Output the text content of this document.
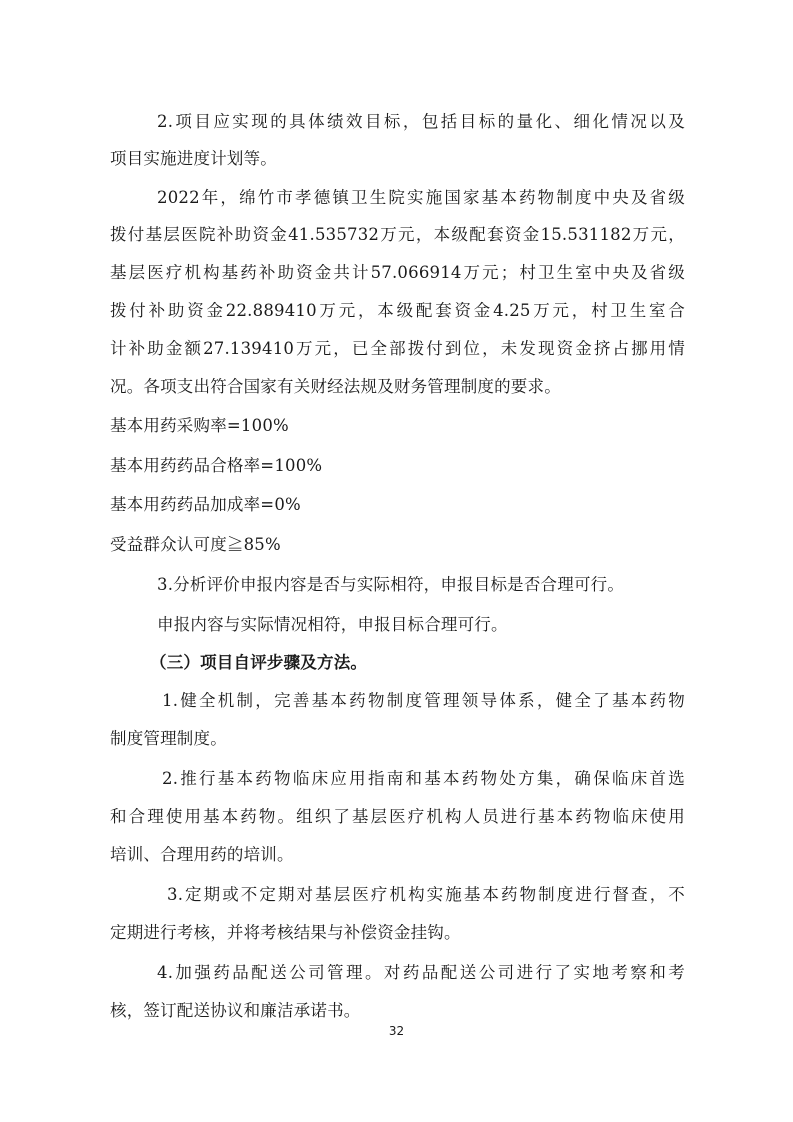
2.项目应实现的具体绩效目标，包括目标的量化、细化情况以及
项目实施进度计划等。
2022年，绵竹市孝德镇卫生院实施国家基本药物制度中央及省级
拨付基层医院补助资金41.535732万元，本级配套资金15.531182万元，
基层医疗机构基药补助资金共计57.066914万元；村卫生室中央及省级
拨付补助资金22.889410万元，本级配套资金4.25万元，村卫生室合
计补助金额27.139410万元，已全部拨付到位，未发现资金挤占挪用情
况。各项支出符合国家有关财经法规及财务管理制度的要求。
基本用药采购率=100%
基本用药药品合格率=100%
基本用药药品加成率=0%
受益群众认可度≧85%
3.分析评价申报内容是否与实际相符，申报目标是否合理可行。
申报内容与实际情况相符，申报目标合理可行。
（三）项目自评步骤及方法。
1.健全机制，完善基本药物制度管理领导体系，健全了基本药物
制度管理制度。
2.推行基本药物临床应用指南和基本药物处方集，确保临床首选
和合理使用基本药物。组织了基层医疗机构人员进行基本药物临床使用
培训、合理用药的培训。
3.定期或不定期对基层医疗机构实施基本药物制度进行督查，不
定期进行考核，并将考核结果与补偿资金挂钩。
4.加强药品配送公司管理。对药品配送公司进行了实地考察和考
核，签订配送协议和廉洁承诺书。
32
